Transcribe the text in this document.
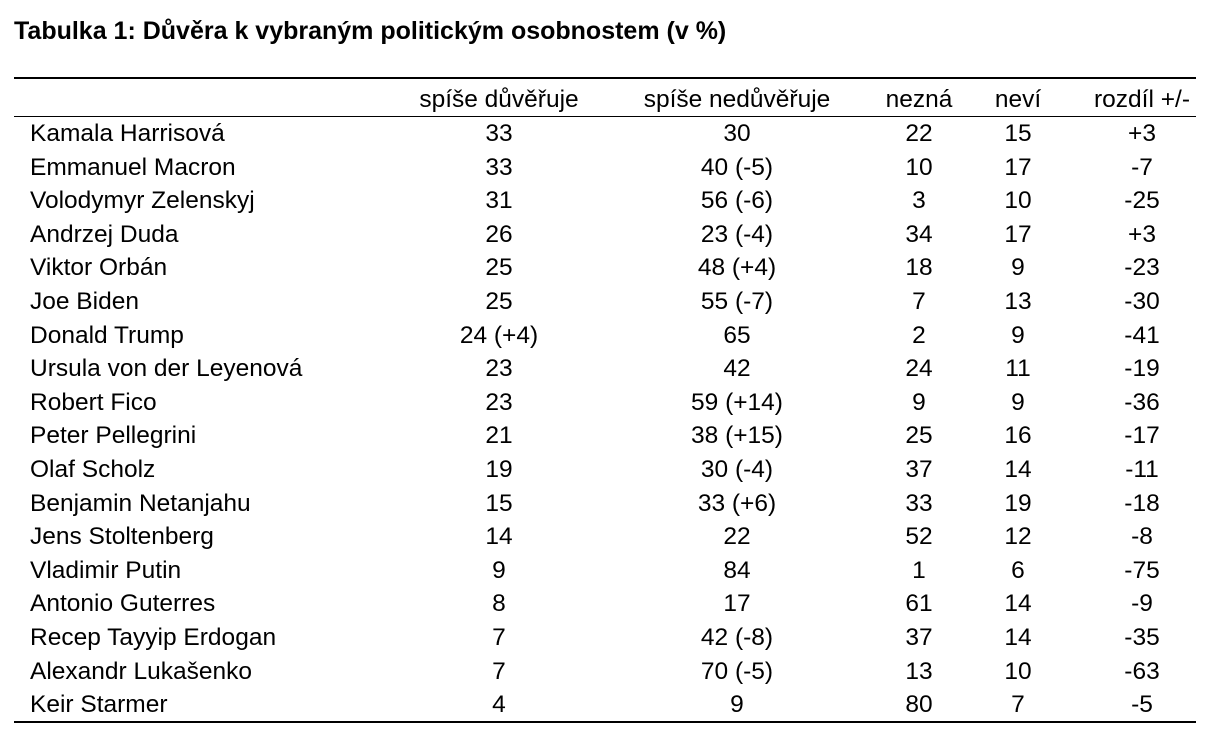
Tabulka 1: Důvěra k vybraným politickým osobnostem (v %)
	spíše důvěřuje	spíše nedůvěřuje	nezná	neví	rozdíl +/-
Kamala Harrisová	33	30	22	15	+3
Emmanuel Macron	33	40 (-5)	10	17	-7
Volodymyr Zelenskyj	31	56 (-6)	3	10	-25
Andrzej Duda	26	23 (-4)	34	17	+3
Viktor Orbán	25	48 (+4)	18	9	-23
Joe Biden	25	55 (-7)	7	13	-30
Donald Trump	24 (+4)	65	2	9	-41
Ursula von der Leyenová	23	42	24	11	-19
Robert Fico	23	59 (+14)	9	9	-36
Peter Pellegrini	21	38 (+15)	25	16	-17
Olaf Scholz	19	30 (-4)	37	14	-11
Benjamin Netanjahu	15	33 (+6)	33	19	-18
Jens Stoltenberg	14	22	52	12	-8
Vladimir Putin	9	84	1	6	-75
Antonio Guterres	8	17	61	14	-9
Recep Tayyip Erdogan	7	42 (-8)	37	14	-35
Alexandr Lukašenko	7	70 (-5)	13	10	-63
Keir Starmer	4	9	80	7	-5
